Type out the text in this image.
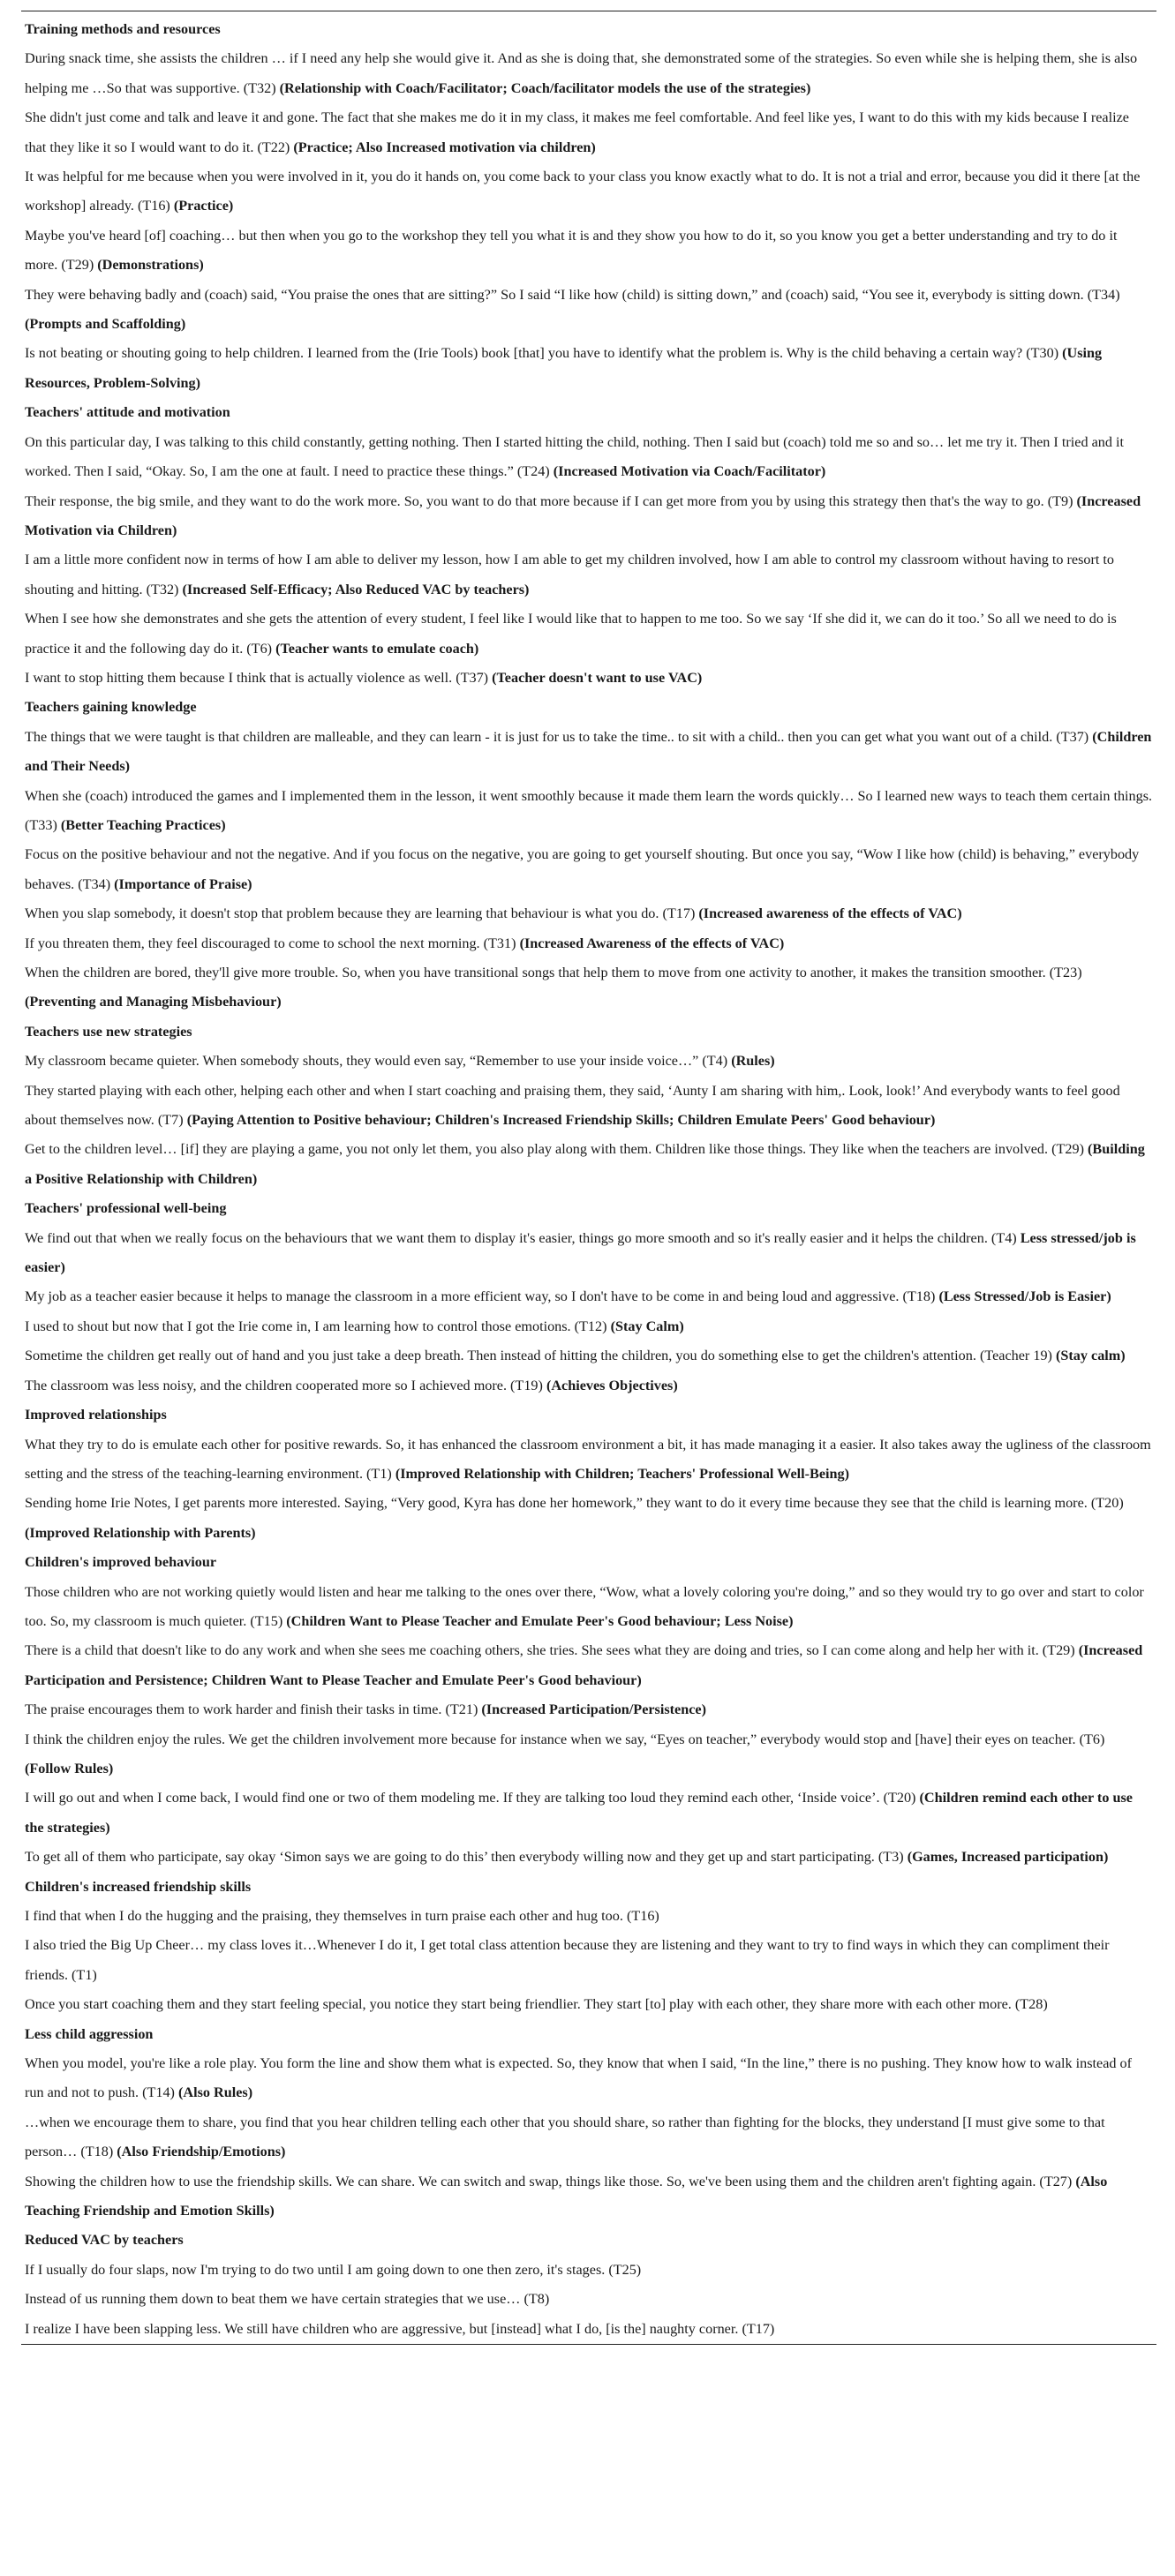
Training methods and resources
During snack time, she assists the children … if I need any help she would give it. And as she is doing that, she demonstrated some of the strategies. So even while she is helping them, she is also helping me …So that was supportive. (T32) (Relationship with Coach/Facilitator; Coach/facilitator models the use of the strategies)
She didn't just come and talk and leave it and gone. The fact that she makes me do it in my class, it makes me feel comfortable. And feel like yes, I want to do this with my kids because I realize that they like it so I would want to do it. (T22) (Practice; Also Increased motivation via children)
It was helpful for me because when you were involved in it, you do it hands on, you come back to your class you know exactly what to do. It is not a trial and error, because you did it there [at the workshop] already. (T16) (Practice)
Maybe you've heard [of] coaching… but then when you go to the workshop they tell you what it is and they show you how to do it, so you know you get a better understanding and try to do it more. (T29) (Demonstrations)
They were behaving badly and (coach) said, “You praise the ones that are sitting?” So I said “I like how (child) is sitting down,” and (coach) said, “You see it, everybody is sitting down. (T34) (Prompts and Scaffolding)
Is not beating or shouting going to help children. I learned from the (Irie Tools) book [that] you have to identify what the problem is. Why is the child behaving a certain way? (T30) (Using Resources, Problem-Solving)
Teachers' attitude and motivation
On this particular day, I was talking to this child constantly, getting nothing. Then I started hitting the child, nothing. Then I said but (coach) told me so and so… let me try it. Then I tried and it worked. Then I said, “Okay. So, I am the one at fault. I need to practice these things.” (T24) (Increased Motivation via Coach/Facilitator)
Their response, the big smile, and they want to do the work more. So, you want to do that more because if I can get more from you by using this strategy then that's the way to go. (T9) (Increased Motivation via Children)
I am a little more confident now in terms of how I am able to deliver my lesson, how I am able to get my children involved, how I am able to control my classroom without having to resort to shouting and hitting. (T32) (Increased Self-Efficacy; Also Reduced VAC by teachers)
When I see how she demonstrates and she gets the attention of every student, I feel like I would like that to happen to me too. So we say ‘If she did it, we can do it too.’ So all we need to do is practice it and the following day do it. (T6) (Teacher wants to emulate coach)
I want to stop hitting them because I think that is actually violence as well. (T37) (Teacher doesn't want to use VAC)
Teachers gaining knowledge
The things that we were taught is that children are malleable, and they can learn - it is just for us to take the time.. to sit with a child.. then you can get what you want out of a child. (T37) (Children and Their Needs)
When she (coach) introduced the games and I implemented them in the lesson, it went smoothly because it made them learn the words quickly… So I learned new ways to teach them certain things. (T33) (Better Teaching Practices)
Focus on the positive behaviour and not the negative. And if you focus on the negative, you are going to get yourself shouting. But once you say, “Wow I like how (child) is behaving,” everybody behaves. (T34) (Importance of Praise)
When you slap somebody, it doesn't stop that problem because they are learning that behaviour is what you do. (T17) (Increased awareness of the effects of VAC)
If you threaten them, they feel discouraged to come to school the next morning. (T31) (Increased Awareness of the effects of VAC)
When the children are bored, they'll give more trouble. So, when you have transitional songs that help them to move from one activity to another, it makes the transition smoother. (T23) (Preventing and Managing Misbehaviour)
Teachers use new strategies
My classroom became quieter. When somebody shouts, they would even say, “Remember to use your inside voice…” (T4) (Rules)
They started playing with each other, helping each other and when I start coaching and praising them, they said, ‘Aunty I am sharing with him,. Look, look!’ And everybody wants to feel good about themselves now. (T7) (Paying Attention to Positive behaviour; Children's Increased Friendship Skills; Children Emulate Peers' Good behaviour)
Get to the children level… [if] they are playing a game, you not only let them, you also play along with them. Children like those things. They like when the teachers are involved. (T29) (Building a Positive Relationship with Children)
Teachers' professional well-being
We find out that when we really focus on the behaviours that we want them to display it's easier, things go more smooth and so it's really easier and it helps the children. (T4) Less stressed/job is easier)
My job as a teacher easier because it helps to manage the classroom in a more efficient way, so I don't have to be come in and being loud and aggressive. (T18) (Less Stressed/Job is Easier)
I used to shout but now that I got the Irie come in, I am learning how to control those emotions. (T12) (Stay Calm)
Sometime the children get really out of hand and you just take a deep breath. Then instead of hitting the children, you do something else to get the children's attention. (Teacher 19) (Stay calm)
The classroom was less noisy, and the children cooperated more so I achieved more. (T19) (Achieves Objectives)
Improved relationships
What they try to do is emulate each other for positive rewards. So, it has enhanced the classroom environment a bit, it has made managing it a easier. It also takes away the ugliness of the classroom setting and the stress of the teaching-learning environment. (T1) (Improved Relationship with Children; Teachers' Professional Well-Being)
Sending home Irie Notes, I get parents more interested. Saying, “Very good, Kyra has done her homework,” they want to do it every time because they see that the child is learning more. (T20) (Improved Relationship with Parents)
Children's improved behaviour
Those children who are not working quietly would listen and hear me talking to the ones over there, “Wow, what a lovely coloring you're doing,” and so they would try to go over and start to color too. So, my classroom is much quieter. (T15) (Children Want to Please Teacher and Emulate Peer's Good behaviour; Less Noise)
There is a child that doesn't like to do any work and when she sees me coaching others, she tries. She sees what they are doing and tries, so I can come along and help her with it. (T29) (Increased Participation and Persistence; Children Want to Please Teacher and Emulate Peer's Good behaviour)
The praise encourages them to work harder and finish their tasks in time. (T21) (Increased Participation/Persistence)
I think the children enjoy the rules. We get the children involvement more because for instance when we say, “Eyes on teacher,” everybody would stop and [have] their eyes on teacher. (T6) (Follow Rules)
I will go out and when I come back, I would find one or two of them modeling me. If they are talking too loud they remind each other, ‘Inside voice’. (T20) (Children remind each other to use the strategies)
To get all of them who participate, say okay ‘Simon says we are going to do this’ then everybody willing now and they get up and start participating. (T3) (Games, Increased participation)
Children's increased friendship skills
I find that when I do the hugging and the praising, they themselves in turn praise each other and hug too. (T16)
I also tried the Big Up Cheer… my class loves it…Whenever I do it, I get total class attention because they are listening and they want to try to find ways in which they can compliment their friends. (T1)
Once you start coaching them and they start feeling special, you notice they start being friendlier. They start [to] play with each other, they share more with each other more. (T28)
Less child aggression
When you model, you're like a role play. You form the line and show them what is expected. So, they know that when I said, “In the line,” there is no pushing. They know how to walk instead of run and not to push. (T14) (Also Rules)
…when we encourage them to share, you find that you hear children telling each other that you should share, so rather than fighting for the blocks, they understand [I must give some to that person… (T18) (Also Friendship/Emotions)
Showing the children how to use the friendship skills. We can share. We can switch and swap, things like those. So, we've been using them and the children aren't fighting again. (T27) (Also Teaching Friendship and Emotion Skills)
Reduced VAC by teachers
If I usually do four slaps, now I'm trying to do two until I am going down to one then zero, it's stages. (T25)
Instead of us running them down to beat them we have certain strategies that we use… (T8)
I realize I have been slapping less. We still have children who are aggressive, but [instead] what I do, [is the] naughty corner. (T17)
